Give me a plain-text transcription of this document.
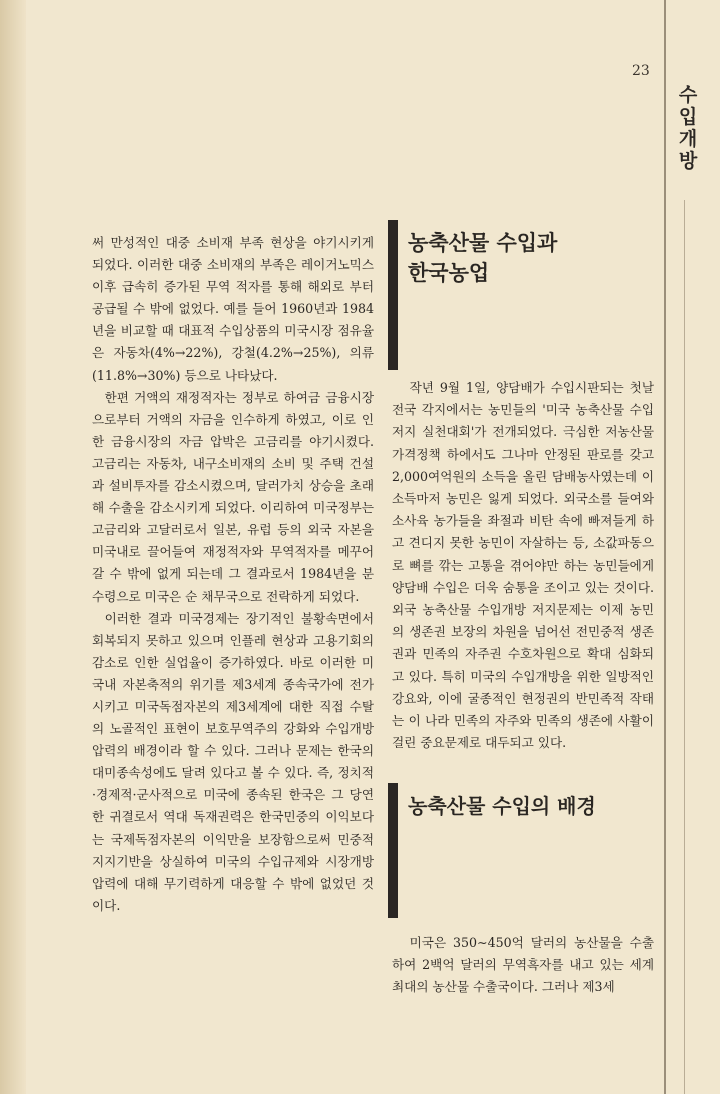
23
수
입
개
방

써 만성적인 대중 소비재 부족 현상을 야기시키게 되었다. 이러한 대중 소비재의 부족은 레이거노믹스 이후 급속히 증가된 무역 적자를 통해 해외로 부터 공급될 수 밖에 없었다. 예를 들어 1960년과 1984년을 비교할 때 대표적 수입상품의 미국시장 점유율은 자동차(4%→22%), 강철(4.2%→25%), 의류(11.8%→30%) 등으로 나타났다.

한편 거액의 재정적자는 정부로 하여금 금융시장으로부터 거액의 자금을 인수하게 하였고, 이로 인한 금융시장의 자금 압박은 고금리를 야기시켰다. 고금리는 자동차, 내구소비재의 소비 및 주택 건설과 설비투자를 감소시켰으며, 달러가치 상승을 초래해 수출을 감소시키게 되었다. 이리하여 미국정부는 고금리와 고달러로서 일본, 유럽 등의 외국 자본을 미국내로 끌어들여 재정적자와 무역적자를 메꾸어 갈 수 밖에 없게 되는데 그 결과로서 1984년을 분수령으로 미국은 순 채무국으로 전락하게 되었다.

이러한 결과 미국경제는 장기적인 불황속면에서 회복되지 못하고 있으며 인플레 현상과 고용기회의 감소로 인한 실업율이 증가하였다. 바로 이러한 미국내 자본축적의 위기를 제3세계 종속국가에 전가시키고 미국독점자본의 제3세계에 대한 직접 수탈의 노골적인 표현이 보호무역주의 강화와 수입개방 압력의 배경이라 할 수 있다. 그러나 문제는 한국의 대미종속성에도 달려 있다고 볼 수 있다. 즉, 정치적·경제적·군사적으로 미국에 종속된 한국은 그 당연한 귀결로서 역대 독재권력은 한국민중의 이익보다는 국제독점자본의 이익만을 보장함으로써 민중적 지지기반을 상실하여 미국의 수입규제와 시장개방압력에 대해 무기력하게 대응할 수 밖에 없었던 것이다.

농축산물 수입과
한국농업

작년 9월 1일, 양담배가 수입시판되는 첫날 전국 각지에서는 농민들의 '미국 농축산물 수입저지 실천대회'가 전개되었다. 극심한 저농산물 가격정책 하에서도 그나마 안정된 판로를 갖고 2,000여억원의 소득을 올린 담배농사였는데 이 소득마저 농민은 잃게 되었다. 외국소를 들여와 소사육 농가들을 좌절과 비탄 속에 빠져들게 하고 견디지 못한 농민이 자살하는 등, 소값파동으로 뼈를 깎는 고통을 겪어야만 하는 농민들에게 양담배 수입은 더욱 숨통을 조이고 있는 것이다. 외국 농축산물 수입개방 저지문제는 이제 농민의 생존권 보장의 차원을 넘어선 전민중적 생존권과 민족의 자주권 수호차원으로 확대 심화되고 있다. 특히 미국의 수입개방을 위한 일방적인 강요와, 이에 굴종적인 현정권의 반민족적 작태는 이 나라 민족의 자주와 민족의 생존에 사활이 걸린 중요문제로 대두되고 있다.

농축산물 수입의 배경

미국은 350∼450억 달러의 농산물을 수출하여 2백억 달러의 무역흑자를 내고 있는 세계 최대의 농산물 수출국이다. 그러나 제3세
